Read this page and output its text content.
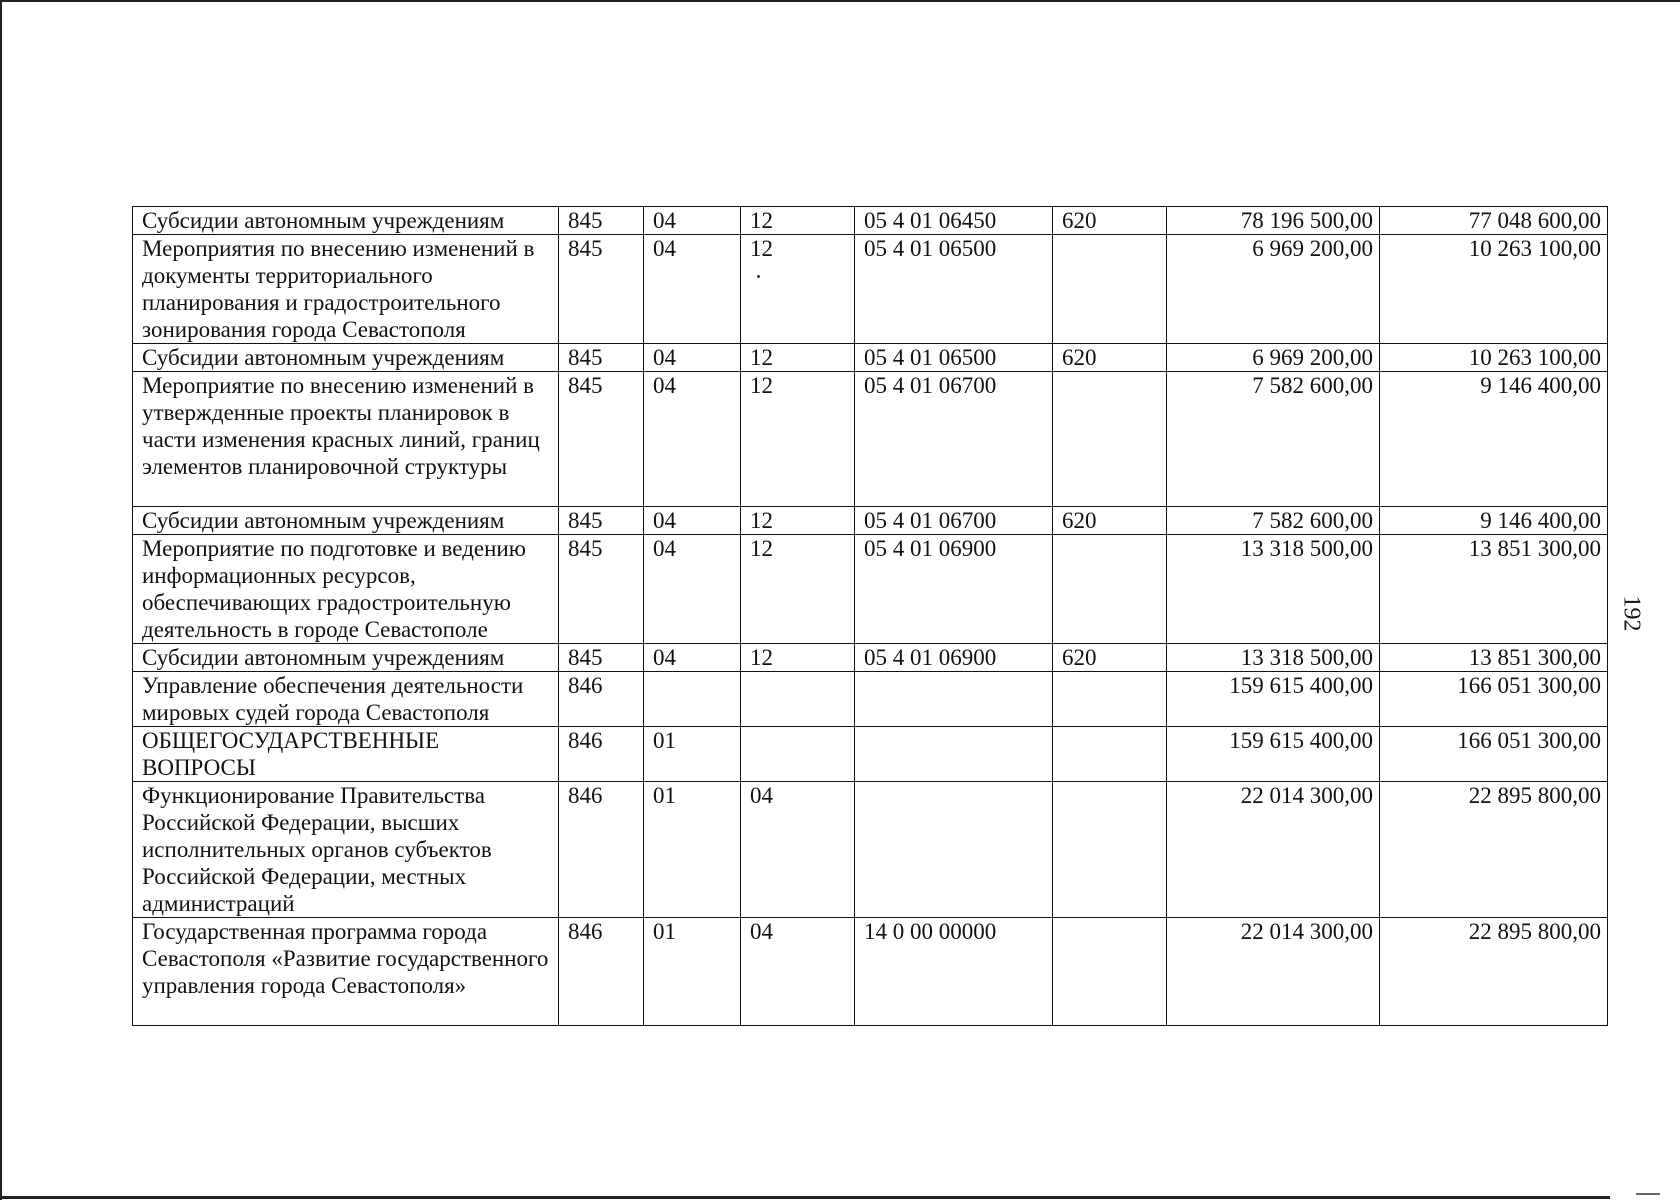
Субсидии автономным учреждениям	845	04	12	05 4 01 06450	620	78 196 500,00	77 048 600,00
Мероприятия по внесению изменений в документы территориального планирования и градостроительного зонирования города Севастополя	845	04	12	05 4 01 06500		6 969 200,00	10 263 100,00
Субсидии автономным учреждениям	845	04	12	05 4 01 06500	620	6 969 200,00	10 263 100,00
Мероприятие по внесению изменений в утвержденные проекты планировок в части изменения красных линий, границ элементов планировочной структуры	845	04	12	05 4 01 06700		7 582 600,00	9 146 400,00
Субсидии автономным учреждениям	845	04	12	05 4 01 06700	620	7 582 600,00	9 146 400,00
Мероприятие по подготовке и ведению информационных ресурсов, обеспечивающих градостроительную деятельность в городе Севастополе	845	04	12	05 4 01 06900		13 318 500,00	13 851 300,00
Субсидии автономным учреждениям	845	04	12	05 4 01 06900	620	13 318 500,00	13 851 300,00
Управление обеспечения деятельности мировых судей города Севастополя	846					159 615 400,00	166 051 300,00
ОБЩЕГОСУДАРСТВЕННЫЕ ВОПРОСЫ	846	01				159 615 400,00	166 051 300,00
Функционирование Правительства Российской Федерации, высших исполнительных органов субъектов Российской Федерации, местных администраций	846	01	04			22 014 300,00	22 895 800,00
Государственная программа города Севастополя «Развитие государственного управления города Севастополя»	846	01	04	14 0 00 00000		22 014 300,00	22 895 800,00
192
